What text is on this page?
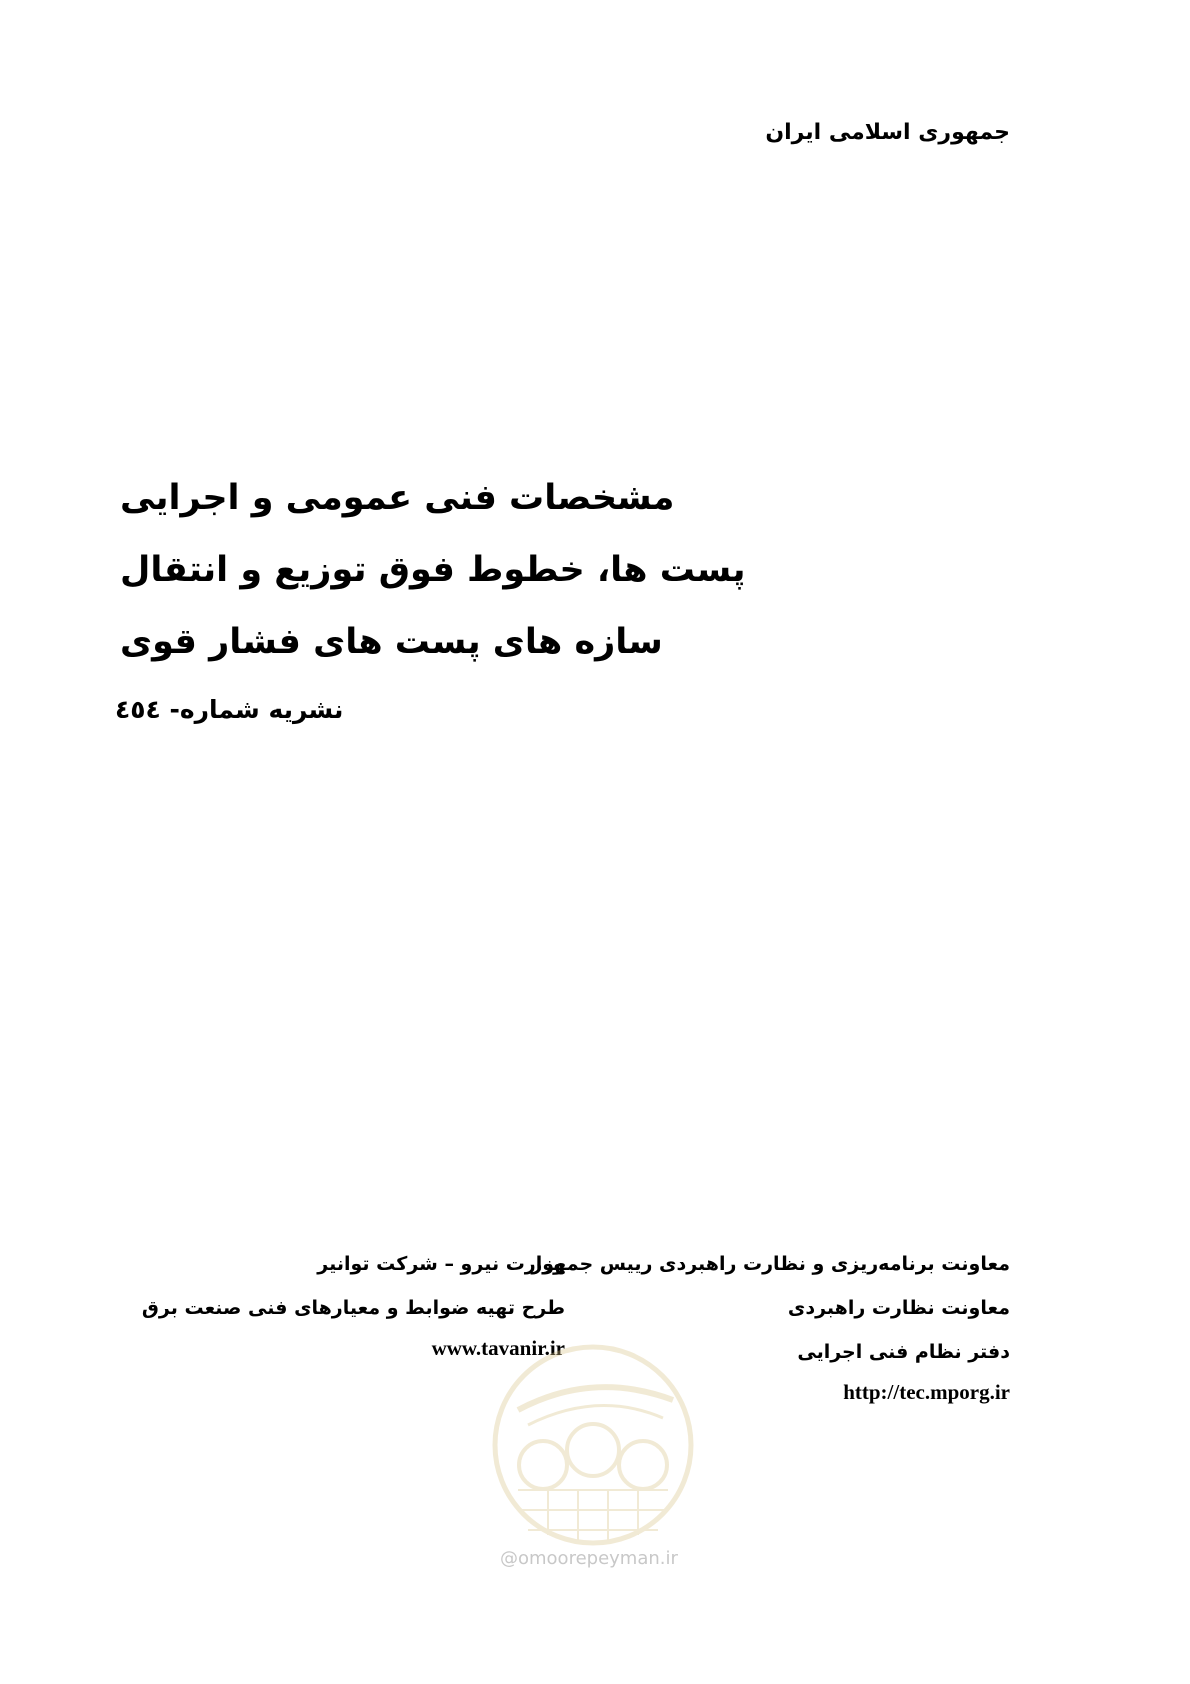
جمهوری اسلامی ایران
مشخصات فنی عمومی و اجرایی
پست ها، خطوط فوق توزیع و انتقال
سازه های پست های فشار قوی
نشریه شماره- ٤٥٤
معاونت برنامه‌ریزی و نظارت راهبردی رییس جمهور
معاونت نظارت راهبردی
دفتر نظام فنی اجرایی
http://tec.mporg.ir
وزارت نیرو – شرکت توانیر
طرح تهیه ضوابط و معیارهای فنی صنعت برق
www.tavanir.ir
@omoorepeyman.ir
